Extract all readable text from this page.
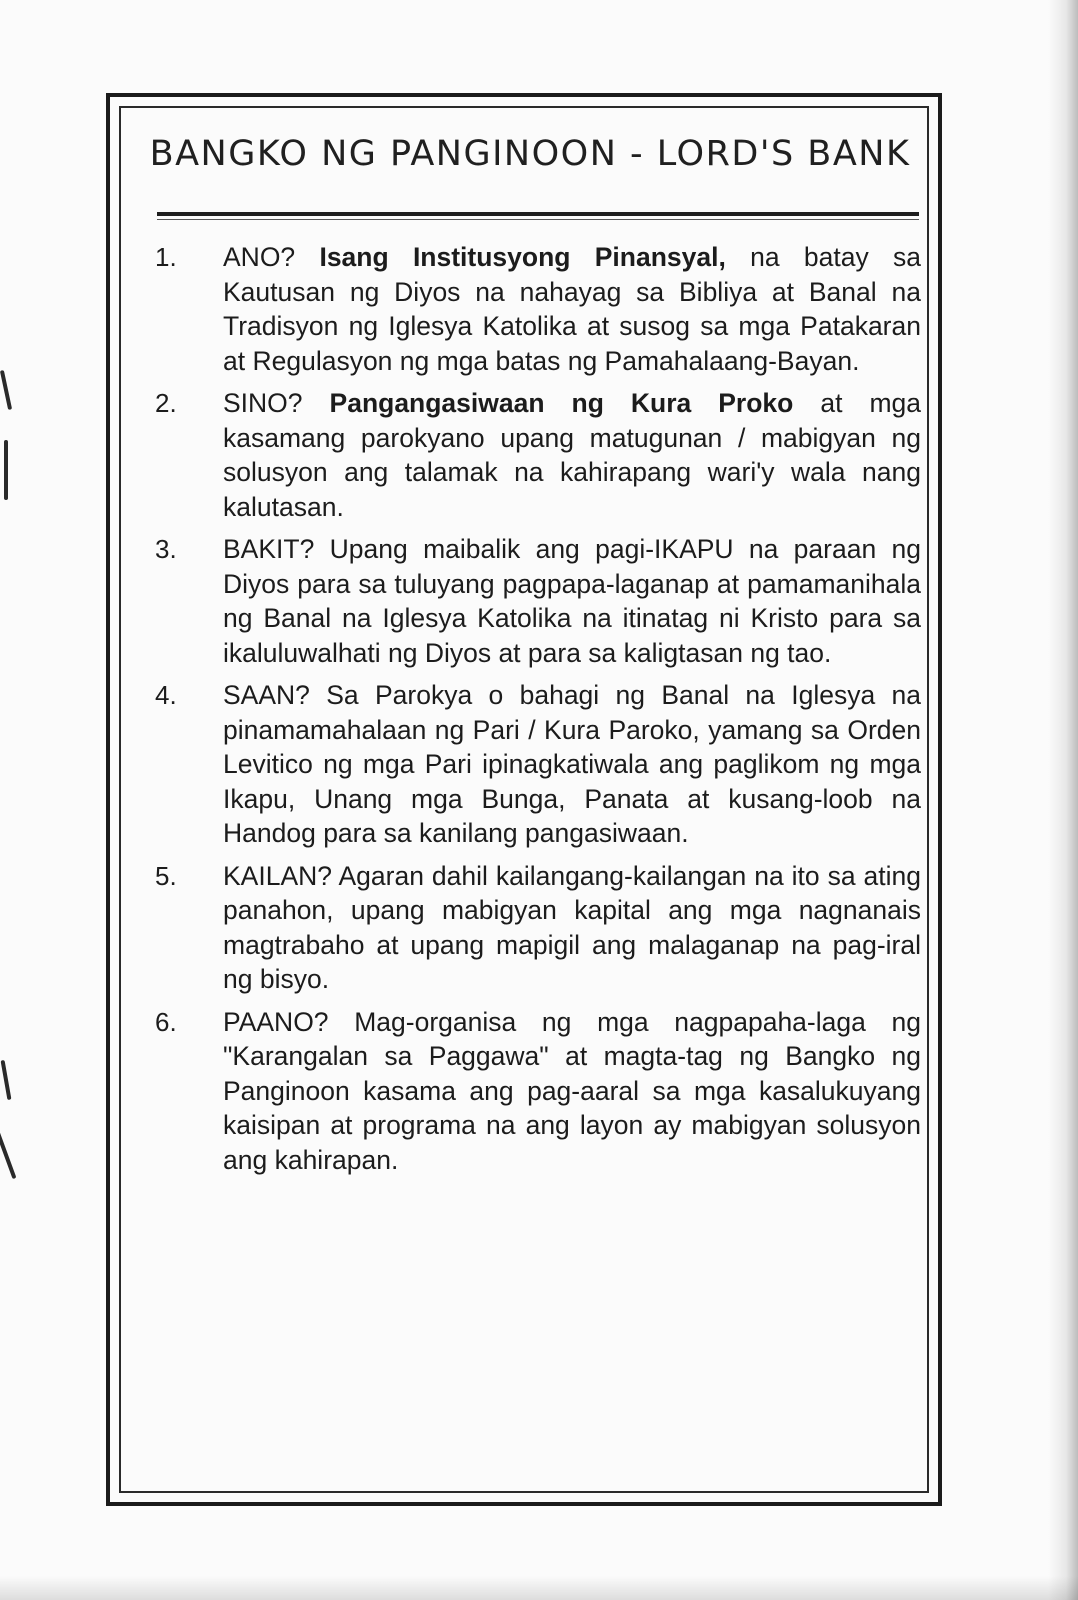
BANGKO NG PANGINOON - LORD'S BANK
1. ANO? Isang Institusyong Pinansyal, na batay sa Kautusan ng Diyos na nahayag sa Bibliya at Banal na Tradisyon ng Iglesya Katolika at susog sa mga Patakaran at Regulasyon ng mga batas ng Pamahalaang-Bayan.
2. SINO? Pangangasiwaan ng Kura Proko at mga kasamang parokyano upang matugunan / mabigyan ng solusyon ang talamak na kahirapang wari'y wala nang kalutasan.
3. BAKIT? Upang maibalik ang pagi-IKAPU na paraan ng Diyos para sa tuluyang pagpapa-laganap at pamamanihala ng Banal na Iglesya Katolika na itinatag ni Kristo para sa ikaluluwalhati ng Diyos at para sa kaligtasan ng tao.
4. SAAN? Sa Parokya o bahagi ng Banal na Iglesya na pinamamahalaan ng Pari / Kura Paroko, yamang sa Orden Levitico ng mga Pari ipinagkatiwala ang paglikom ng mga Ikapu, Unang mga Bunga, Panata at kusang-loob na Handog para sa kanilang pangasiwaan.
5. KAILAN? Agaran dahil kailangang-kailangan na ito sa ating panahon, upang mabigyan kapital ang mga nagnanais magtrabaho at upang mapigil ang malaganap na pag-iral ng bisyo.
6. PAANO? Mag-organisa ng mga nagpapaha-laga ng "Karangalan sa Paggawa" at magta-tag ng Bangko ng Panginoon kasama ang pag-aaral sa mga kasalukuyang kaisipan at programa na ang layon ay mabigyan solusyon ang kahirapan.
